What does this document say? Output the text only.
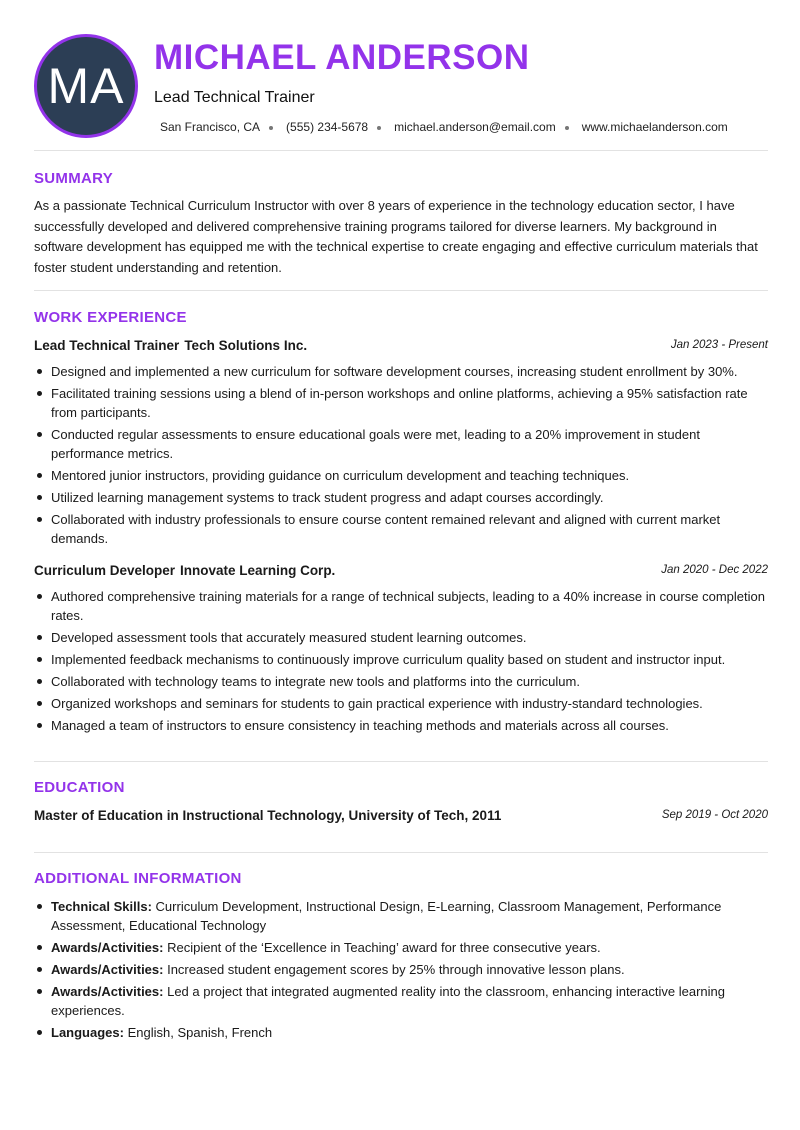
MA
MICHAEL ANDERSON
Lead Technical Trainer
San Francisco, CA (555) 234-5678 michael.anderson@email.com www.michaelanderson.com
SUMMARY
As a passionate Technical Curriculum Instructor with over 8 years of experience in the technology education sector, I have successfully developed and delivered comprehensive training programs tailored for diverse learners. My background in software development has equipped me with the technical expertise to create engaging and effective curriculum materials that foster student understanding and retention.
WORK EXPERIENCE
Lead Technical Trainer Tech Solutions Inc.	Jan 2023 - Present
Designed and implemented a new curriculum for software development courses, increasing student enrollment by 30%.
Facilitated training sessions using a blend of in-person workshops and online platforms, achieving a 95% satisfaction rate from participants.
Conducted regular assessments to ensure educational goals were met, leading to a 20% improvement in student performance metrics.
Mentored junior instructors, providing guidance on curriculum development and teaching techniques.
Utilized learning management systems to track student progress and adapt courses accordingly.
Collaborated with industry professionals to ensure course content remained relevant and aligned with current market demands.
Curriculum Developer Innovate Learning Corp.	Jan 2020 - Dec 2022
Authored comprehensive training materials for a range of technical subjects, leading to a 40% increase in course completion rates.
Developed assessment tools that accurately measured student learning outcomes.
Implemented feedback mechanisms to continuously improve curriculum quality based on student and instructor input.
Collaborated with technology teams to integrate new tools and platforms into the curriculum.
Organized workshops and seminars for students to gain practical experience with industry-standard technologies.
Managed a team of instructors to ensure consistency in teaching methods and materials across all courses.
EDUCATION
Master of Education in Instructional Technology, University of Tech, 2011	Sep 2019 - Oct 2020
ADDITIONAL INFORMATION
Technical Skills: Curriculum Development, Instructional Design, E-Learning, Classroom Management, Performance Assessment, Educational Technology
Awards/Activities: Recipient of the ‘Excellence in Teaching’ award for three consecutive years.
Awards/Activities: Increased student engagement scores by 25% through innovative lesson plans.
Awards/Activities: Led a project that integrated augmented reality into the classroom, enhancing interactive learning experiences.
Languages: English, Spanish, French
